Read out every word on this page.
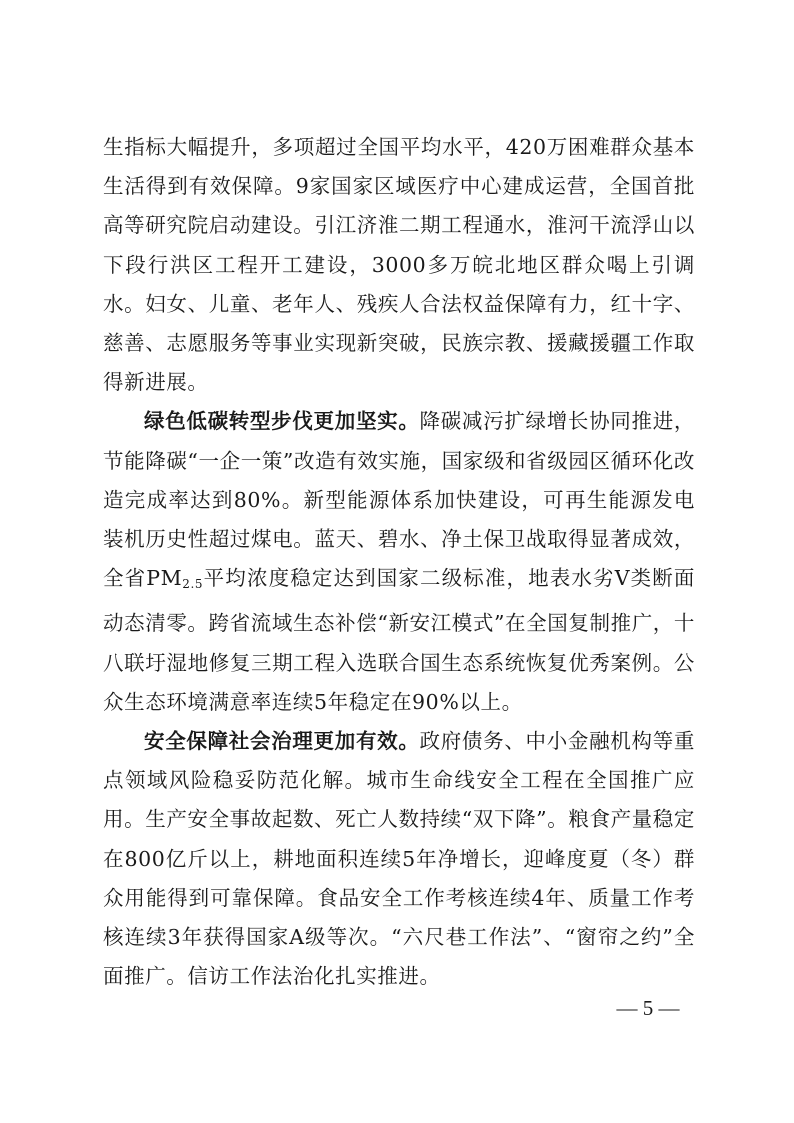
生指标大幅提升，多项超过全国平均水平，420万困难群众基本生活得到有效保障。9家国家区域医疗中心建成运营，全国首批高等研究院启动建设。引江济淮二期工程通水，淮河干流浮山以下段行洪区工程开工建设，3000多万皖北地区群众喝上引调水。妇女、儿童、老年人、残疾人合法权益保障有力，红十字、慈善、志愿服务等事业实现新突破，民族宗教、援藏援疆工作取得新进展。

绿色低碳转型步伐更加坚实。降碳减污扩绿增长协同推进，节能降碳“一企一策”改造有效实施，国家级和省级园区循环化改造完成率达到80%。新型能源体系加快建设，可再生能源发电装机历史性超过煤电。蓝天、碧水、净土保卫战取得显著成效，全省$PM_{2.5}$平均浓度稳定达到国家二级标准，地表水劣Ⅴ类断面动态清零。跨省流域生态补偿“新安江模式”在全国复制推广，十八联圩湿地修复三期工程入选联合国生态系统恢复优秀案例。公众生态环境满意率连续5年稳定在90%以上。

安全保障社会治理更加有效。政府债务、中小金融机构等重点领域风险稳妥防范化解。城市生命线安全工程在全国推广应用。生产安全事故起数、死亡人数持续“双下降”。粮食产量稳定在800亿斤以上，耕地面积连续5年净增长，迎峰度夏（冬）群众用能得到可靠保障。食品安全工作考核连续4年、质量工作考核连续3年获得国家A级等次。“六尺巷工作法”、“窗帘之约”全面推广。信访工作法治化扎实推进。

— 5 —
